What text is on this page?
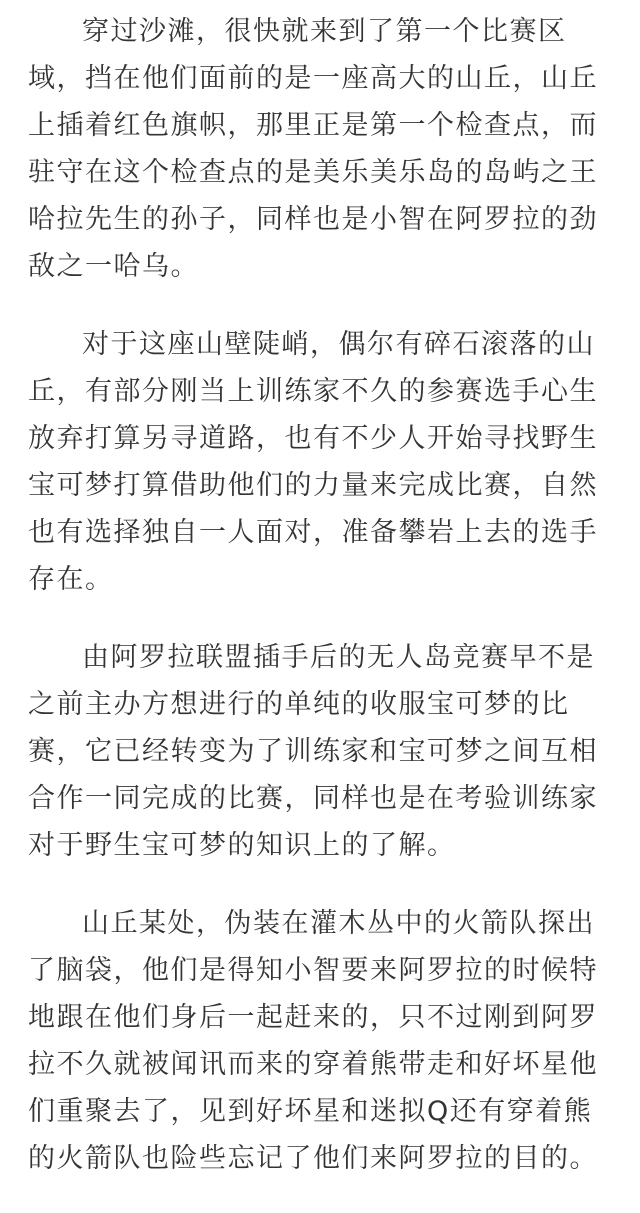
穿过沙滩，很快就来到了第一个比赛区域，挡在他们面前的是一座高大的山丘，山丘上插着红色旗帜，那里正是第一个检查点，而驻守在这个检查点的是美乐美乐岛的岛屿之王哈拉先生的孙子，同样也是小智在阿罗拉的劲敌之一哈乌。

对于这座山壁陡峭，偶尔有碎石滚落的山丘，有部分刚当上训练家不久的参赛选手心生放弃打算另寻道路，也有不少人开始寻找野生宝可梦打算借助他们的力量来完成比赛，自然也有选择独自一人面对，准备攀岩上去的选手存在。

由阿罗拉联盟插手后的无人岛竞赛早不是之前主办方想进行的单纯的收服宝可梦的比赛，它已经转变为了训练家和宝可梦之间互相合作一同完成的比赛，同样也是在考验训练家对于野生宝可梦的知识上的了解。

山丘某处，伪装在灌木丛中的火箭队探出了脑袋，他们是得知小智要来阿罗拉的时候特地跟在他们身后一起赶来的，只不过刚到阿罗拉不久就被闻讯而来的穿着熊带走和好坏星他们重聚去了，见到好坏星和迷拟Q还有穿着熊的火箭队也险些忘记了他们来阿罗拉的目的。
